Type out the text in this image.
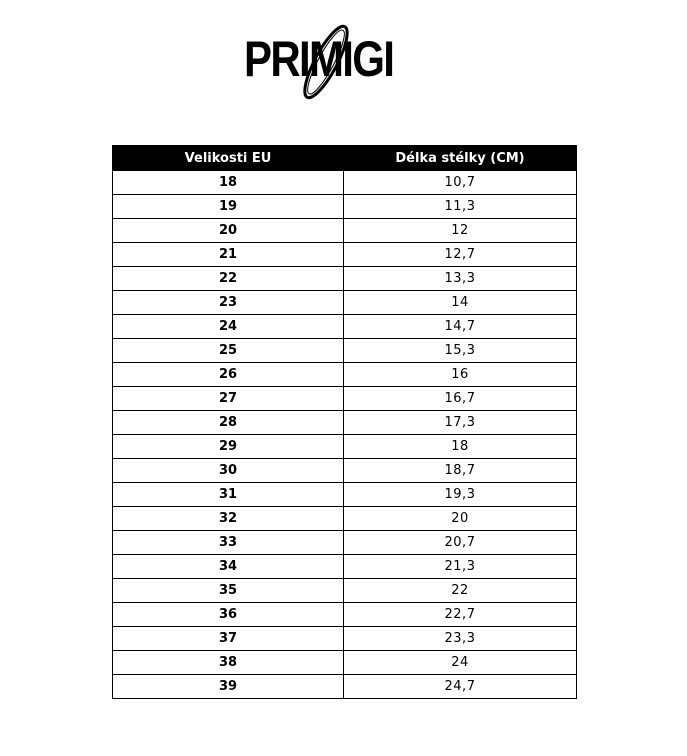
PRIMIGI
Velikosti EU	Délka stélky (CM)
18	10,7
19	11,3
20	12
21	12,7
22	13,3
23	14
24	14,7
25	15,3
26	16
27	16,7
28	17,3
29	18
30	18,7
31	19,3
32	20
33	20,7
34	21,3
35	22
36	22,7
37	23,3
38	24
39	24,7
